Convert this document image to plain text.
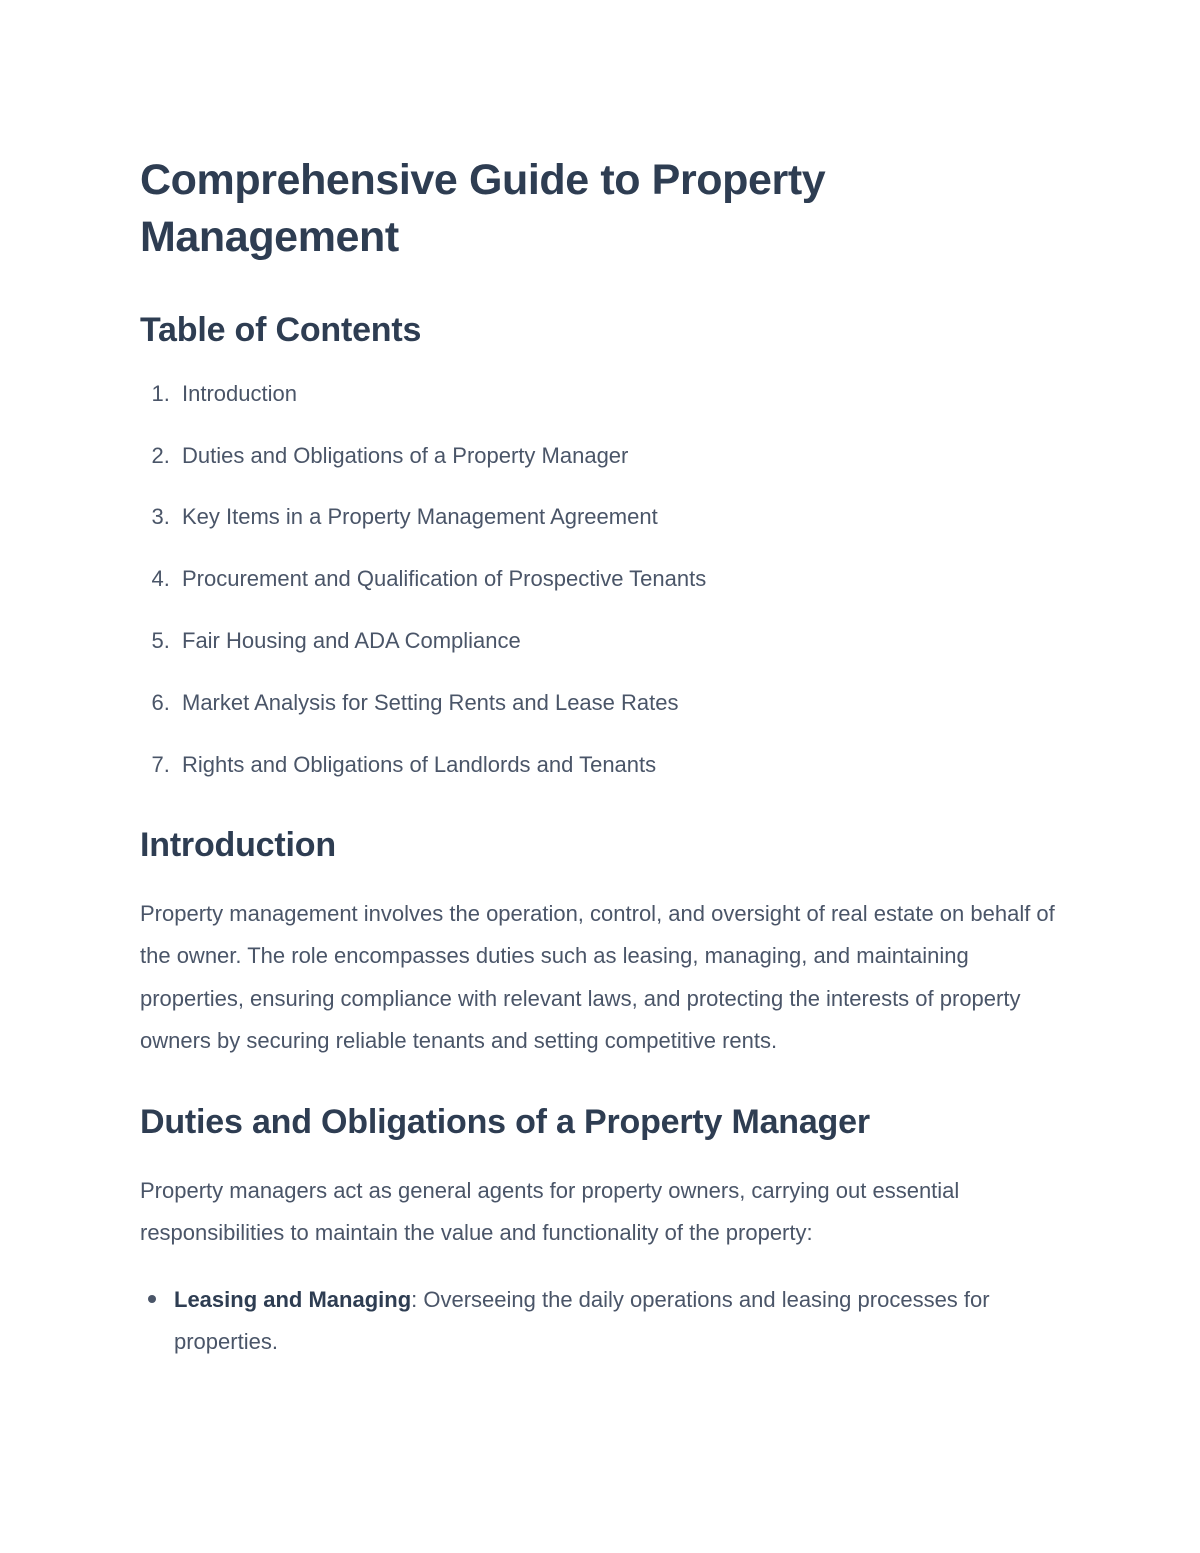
Comprehensive Guide to Property Management
Table of Contents
1. Introduction
2. Duties and Obligations of a Property Manager
3. Key Items in a Property Management Agreement
4. Procurement and Qualification of Prospective Tenants
5. Fair Housing and ADA Compliance
6. Market Analysis for Setting Rents and Lease Rates
7. Rights and Obligations of Landlords and Tenants
Introduction

Property management involves the operation, control, and oversight of real estate on behalf of the owner. The role encompasses duties such as leasing, managing, and maintaining properties, ensuring compliance with relevant laws, and protecting the interests of property owners by securing reliable tenants and setting competitive rents.

Duties and Obligations of a Property Manager

Property managers act as general agents for property owners, carrying out essential responsibilities to maintain the value and functionality of the property:

Leasing and Managing: Overseeing the daily operations and leasing processes for properties.
